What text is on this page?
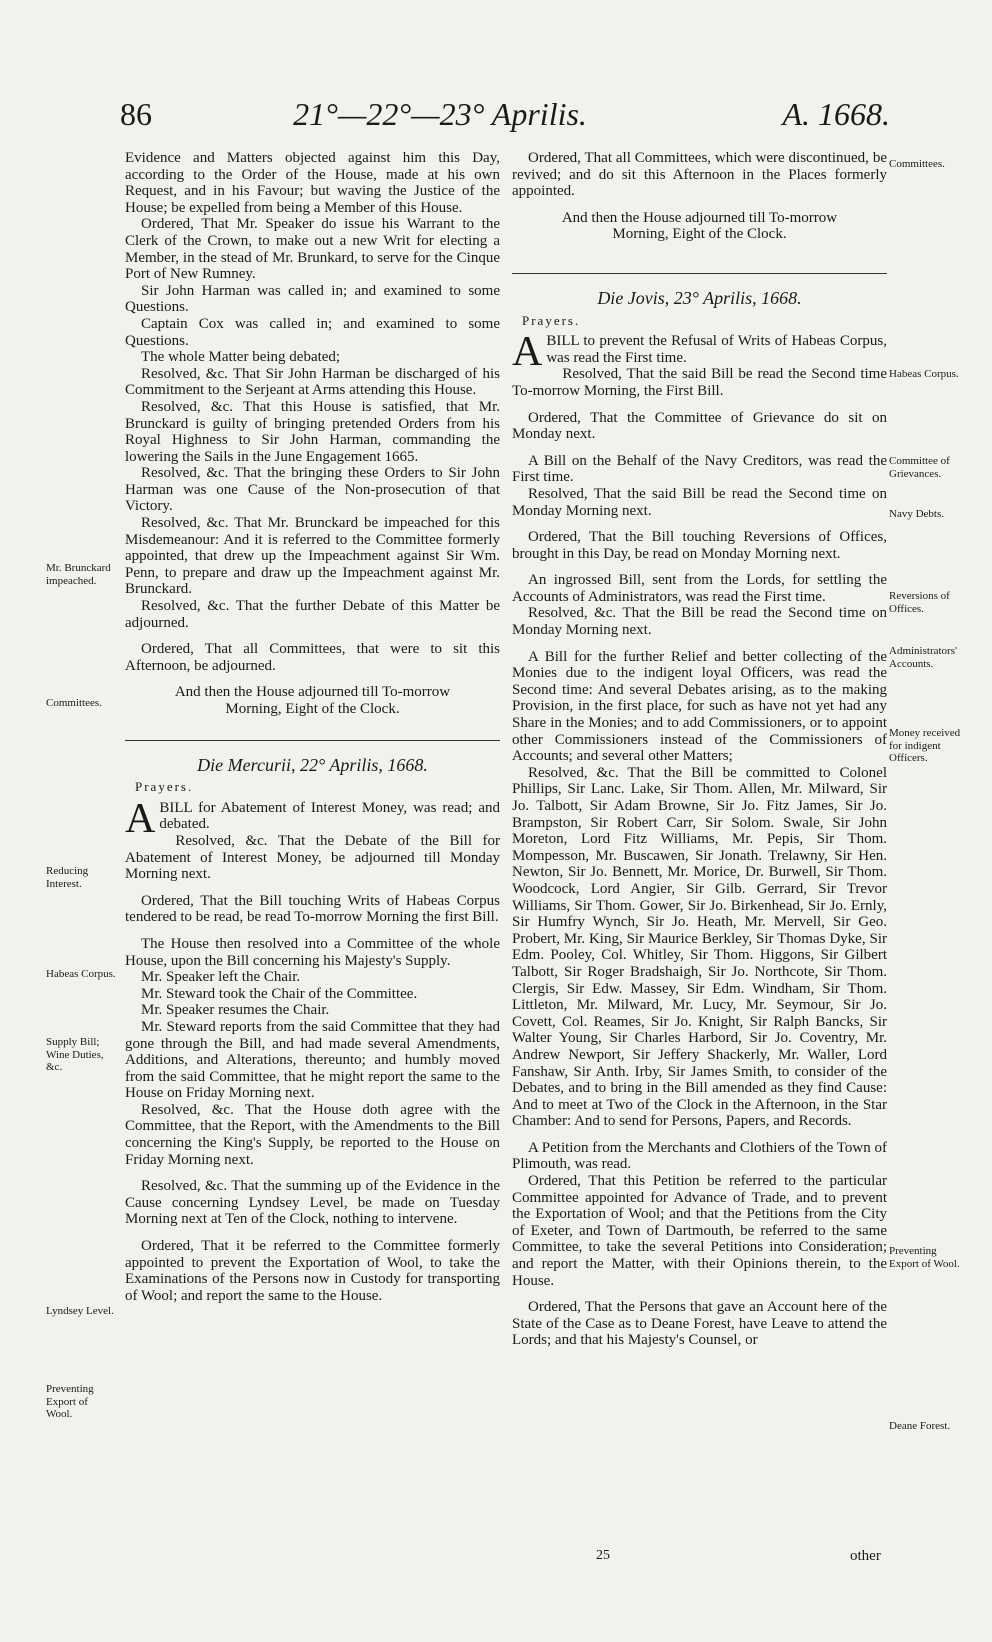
86	21°—22°—23° Aprilis.	A. 1668.

Evidence and Matters objected against him this Day, according to the Order of the House, made at his own Request, and in his Favour; but waving the Justice of the House; be expelled from being a Member of this House.

Ordered, That Mr. Speaker do issue his Warrant to the Clerk of the Crown, to make out a new Writ for electing a Member, in the stead of Mr. Brunkard, to serve for the Cinque Port of New Rumney.

Sir John Harman was called in; and examined to some Questions.

Captain Cox was called in; and examined to some Questions.

The whole Matter being debated;

Resolved, &c. That Sir John Harman be discharged of his Commitment to the Serjeant at Arms attending this House.

Resolved, &c. That this House is satisfied, that Mr. Brunckard is guilty of bringing pretended Orders from his Royal Highness to Sir John Harman, commanding the lowering the Sails in the June Engagement 1665.

Resolved, &c. That the bringing these Orders to Sir John Harman was one Cause of the Non-prosecution of that Victory.

Resolved, &c. That Mr. Brunckard be impeached for this Misdemeanour: And it is referred to the Committee formerly appointed, that drew up the Impeachment against Sir Wm. Penn, to prepare and draw up the Impeachment against Mr. Brunckard.

Resolved, &c. That the further Debate of this Matter be adjourned.

Ordered, That all Committees, that were to sit this Afternoon, be adjourned.

And then the House adjourned till To-morrow Morning, Eight of the Clock.

Die Mercurii, 22° Aprilis, 1668.
Prayers.

ABILL for Abatement of Interest Money, was read; and debated.

Resolved, &c. That the Debate of the Bill for Abatement of Interest Money, be adjourned till Monday Morning next.

Ordered, That the Bill touching Writs of Habeas Corpus tendered to be read, be read To-morrow Morning the first Bill.

The House then resolved into a Committee of the whole House, upon the Bill concerning his Majesty's Supply.

Mr. Speaker left the Chair.

Mr. Steward took the Chair of the Committee.

Mr. Speaker resumes the Chair.

Mr. Steward reports from the said Committee that they had gone through the Bill, and had made several Amendments, Additions, and Alterations, thereunto; and humbly moved from the said Committee, that he might report the same to the House on Friday Morning next.

Resolved, &c. That the House doth agree with the Committee, that the Report, with the Amendments to the Bill concerning the King's Supply, be reported to the House on Friday Morning next.

Resolved, &c. That the summing up of the Evidence in the Cause concerning Lyndsey Level, be made on Tuesday Morning next at Ten of the Clock, nothing to intervene.

Ordered, That it be referred to the Committee formerly appointed to prevent the Exportation of Wool, to take the Examinations of the Persons now in Custody for transporting of Wool; and report the same to the House.

Ordered, That all Committees, which were discontinued, be revived; and do sit this Afternoon in the Places formerly appointed.

And then the House adjourned till To-morrow Morning, Eight of the Clock.

Die Jovis, 23° Aprilis, 1668.
Prayers.

ABILL to prevent the Refusal of Writs of Habeas Corpus, was read the First time.

Resolved, That the said Bill be read the Second time To-morrow Morning, the First Bill.

Ordered, That the Committee of Grievance do sit on Monday next.

A Bill on the Behalf of the Navy Creditors, was read the First time.

Resolved, That the said Bill be read the Second time on Monday Morning next.

Ordered, That the Bill touching Reversions of Offices, brought in this Day, be read on Monday Morning next.

An ingrossed Bill, sent from the Lords, for settling the Accounts of Administrators, was read the First time.

Resolved, &c. That the Bill be read the Second time on Monday Morning next.

A Bill for the further Relief and better collecting of the Monies due to the indigent loyal Officers, was read the Second time: And several Debates arising, as to the making Provision, in the first place, for such as have not yet had any Share in the Monies; and to add Commissioners, or to appoint other Commissioners instead of the Commissioners of Accounts; and several other Matters;

Resolved, &c. That the Bill be committed to Colonel Phillips, Sir Lanc. Lake, Sir Thom. Allen, Mr. Milward, Sir Jo. Talbott, Sir Adam Browne, Sir Jo. Fitz James, Sir Jo. Brampston, Sir Robert Carr, Sir Solom. Swale, Sir John Moreton, Lord Fitz Williams, Mr. Pepis, Sir Thom. Mompesson, Mr. Buscawen, Sir Jonath. Trelawny, Sir Hen. Newton, Sir Jo. Bennett, Mr. Morice, Dr. Burwell, Sir Thom. Woodcock, Lord Angier, Sir Gilb. Gerrard, Sir Trevor Williams, Sir Thom. Gower, Sir Jo. Birkenhead, Sir Jo. Ernly, Sir Humfry Wynch, Sir Jo. Heath, Mr. Mervell, Sir Geo. Probert, Mr. King, Sir Maurice Berkley, Sir Thomas Dyke, Sir Edm. Pooley, Col. Whitley, Sir Thom. Higgons, Sir Gilbert Talbott, Sir Roger Bradshaigh, Sir Jo. Northcote, Sir Thom. Clergis, Sir Edw. Massey, Sir Edm. Windham, Sir Thom. Littleton, Mr. Milward, Mr. Lucy, Mr. Seymour, Sir Jo. Covett, Col. Reames, Sir Jo. Knight, Sir Ralph Bancks, Sir Walter Young, Sir Charles Harbord, Sir Jo. Coventry, Mr. Andrew Newport, Sir Jeffery Shackerly, Mr. Waller, Lord Fanshaw, Sir Anth. Irby, Sir James Smith, to consider of the Debates, and to bring in the Bill amended as they find Cause: And to meet at Two of the Clock in the Afternoon, in the Star Chamber: And to send for Persons, Papers, and Records.

A Petition from the Merchants and Clothiers of the Town of Plimouth, was read.

Ordered, That this Petition be referred to the particular Committee appointed for Advance of Trade, and to prevent the Exportation of Wool; and that the Petitions from the City of Exeter, and Town of Dartmouth, be referred to the same Committee, to take the several Petitions into Consideration; and report the Matter, with their Opinions therein, to the House.

Ordered, That the Persons that gave an Account here of the State of the Case as to Deane Forest, have Leave to attend the Lords; and that his Majesty's Counsel, or

Mr. Brunckard impeached.
Committees.
Reducing Interest.
Habeas Corpus.
Supply Bill; Wine Duties, &c.
Lyndsey Level.
Preventing Export of Wool.
Committees.
Habeas Corpus.
Committee of Grievances.
Navy Debts.
Reversions of Offices.
Administrators' Accounts.
Money received for indigent Officers.
Preventing Export of Wool.
Deane Forest.
25	other
